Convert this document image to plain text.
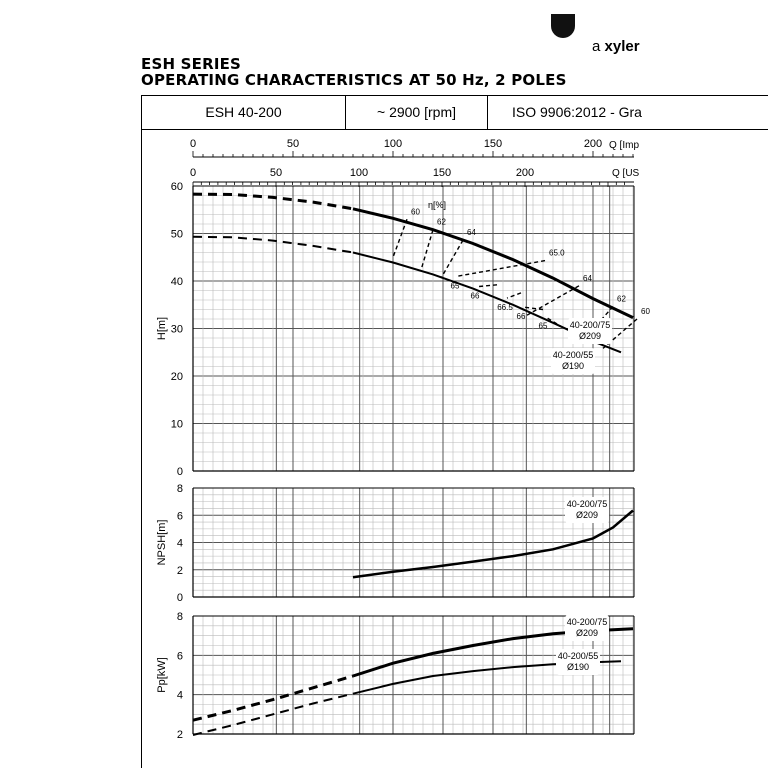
a xyler
ESH SERIES
OPERATING CHARACTERISTICS AT 50 Hz, 2 POLES
ESH 40-200	~ 2900 [rpm]	ISO 9906:2012 - Gra
0	50	100	150	200 Q [Imp
0	50	100	150	200	Q [US
0
10
20
30
40
50
60
H[m]
60
62
64
65.0
65
64
62
60
66
66.5
66
65
η[%]
40-200/75
Ø209
40-200/55
Ø190
0
2
4
6
8
NPSH[m]
40-200/75
Ø209
2
4
6
8
Pp[kW]
40-200/75
Ø209
40-200/55
Ø190
